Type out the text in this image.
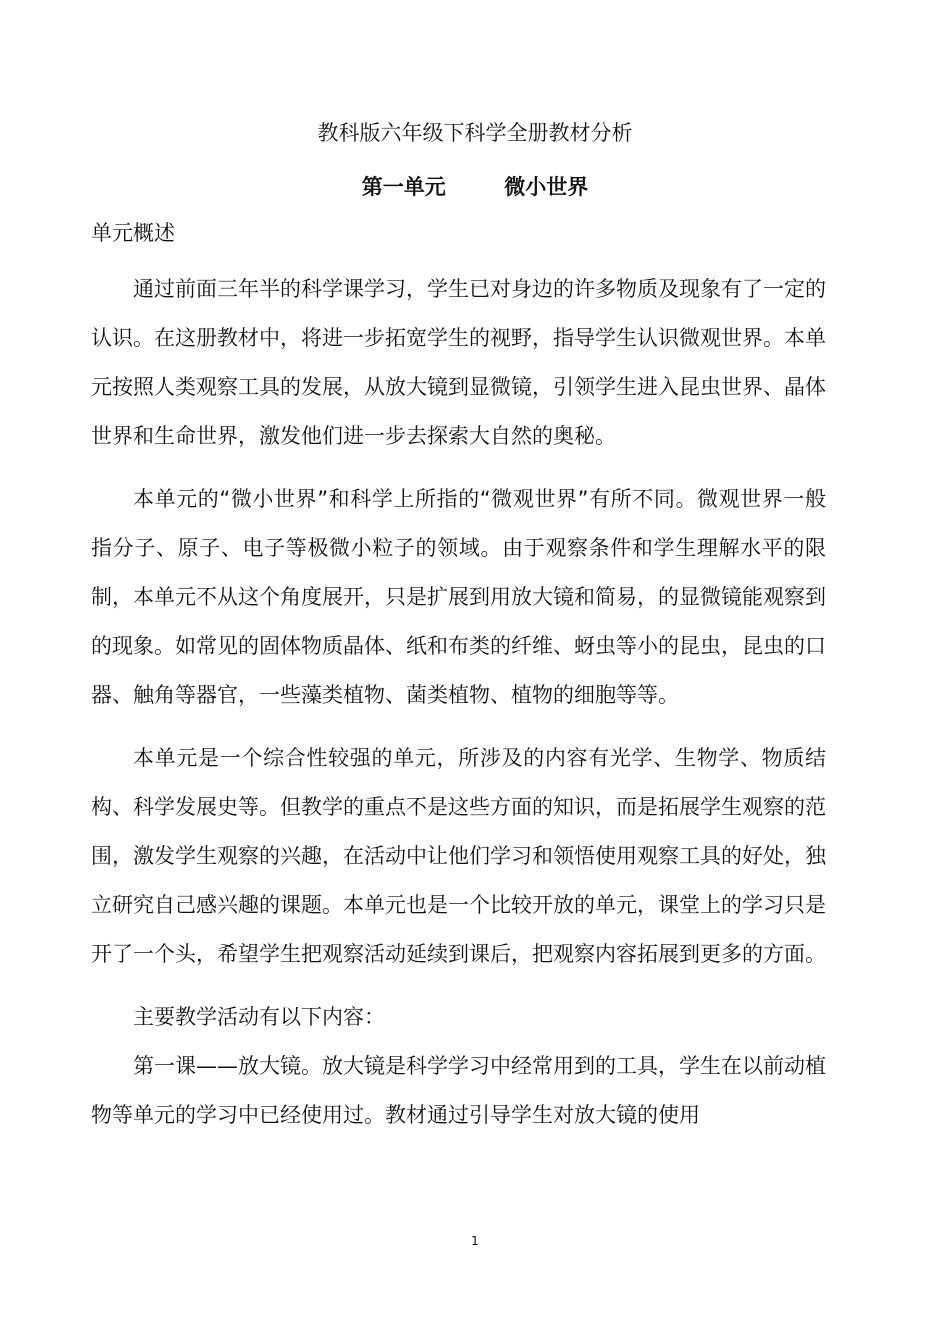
教科版六年级下科学全册教材分析
第一单元        微小世界
单元概述

通过前面三年半的科学课学习，学生已对身边的许多物质及现象有了一定的认识。在这册教材中，将进一步拓宽学生的视野，指导学生认识微观世界。本单元按照人类观察工具的发展，从放大镜到显微镜，引领学生进入昆虫世界、晶体世界和生命世界，激发他们进一步去探索大自然的奥秘。

本单元的“微小世界”和科学上所指的“微观世界”有所不同。微观世界一般指分子、原子、电子等极微小粒子的领域。由于观察条件和学生理解水平的限制，本单元不从这个角度展开，只是扩展到用放大镜和简易，的显微镜能观察到的现象。如常见的固体物质晶体、纸和布类的纤维、蚜虫等小的昆虫，昆虫的口器、触角等器官，一些藻类植物、菌类植物、植物的细胞等等。

本单元是一个综合性较强的单元，所涉及的内容有光学、生物学、物质结构、科学发展史等。但教学的重点不是这些方面的知识，而是拓展学生观察的范围，激发学生观察的兴趣，在活动中让他们学习和领悟使用观察工具的好处，独立研究自己感兴趣的课题。本单元也是一个比较开放的单元，课堂上的学习只是开了一个头，希望学生把观察活动延续到课后，把观察内容拓展到更多的方面。

主要教学活动有以下内容：

第一课——放大镜。放大镜是科学学习中经常用到的工具，学生在以前动植物等单元的学习中已经使用过。教材通过引导学生对放大镜的使用

1
